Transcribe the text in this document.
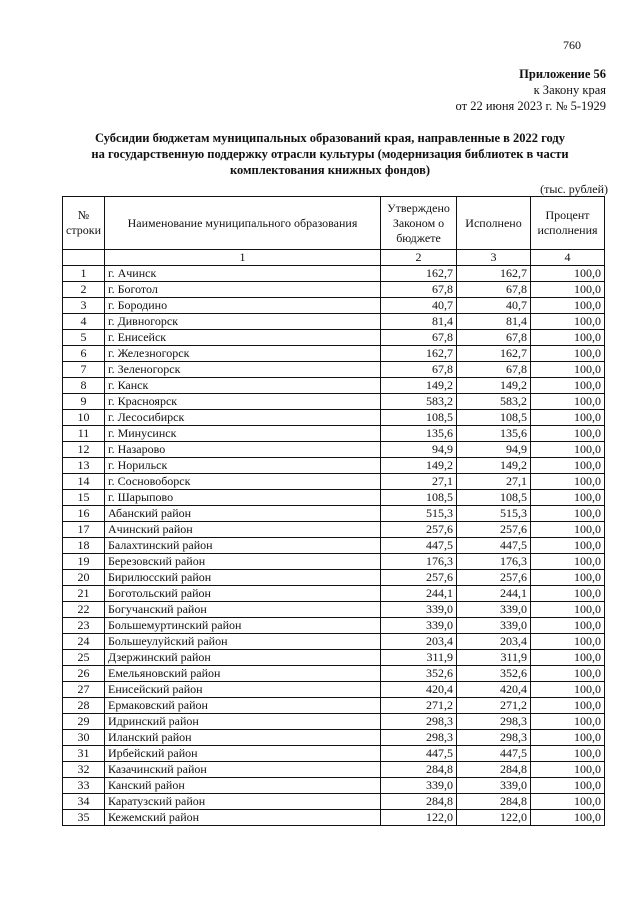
760
Приложение 56
к Закону края
от 22 июня 2023 г. № 5-1929
Субсидии бюджетам муниципальных образований края, направленные в 2022 году
на государственную поддержку отрасли культуры (модернизация библиотек в части
комплектования книжных фондов)
(тыс. рублей)
№ строки	Наименование муниципального образования	Утверждено Законом о бюджете	Исполнено	Процент исполнения
	1	2	3	4
1	г. Ачинск	162,7	162,7	100,0
2	г. Боготол	67,8	67,8	100,0
3	г. Бородино	40,7	40,7	100,0
4	г. Дивногорск	81,4	81,4	100,0
5	г. Енисейск	67,8	67,8	100,0
6	г. Железногорск	162,7	162,7	100,0
7	г. Зеленогорск	67,8	67,8	100,0
8	г. Канск	149,2	149,2	100,0
9	г. Красноярск	583,2	583,2	100,0
10	г. Лесосибирск	108,5	108,5	100,0
11	г. Минусинск	135,6	135,6	100,0
12	г. Назарово	94,9	94,9	100,0
13	г. Норильск	149,2	149,2	100,0
14	г. Сосновоборск	27,1	27,1	100,0
15	г. Шарыпово	108,5	108,5	100,0
16	Абанский район	515,3	515,3	100,0
17	Ачинский район	257,6	257,6	100,0
18	Балахтинский район	447,5	447,5	100,0
19	Березовский район	176,3	176,3	100,0
20	Бирилюсский район	257,6	257,6	100,0
21	Боготольский район	244,1	244,1	100,0
22	Богучанский район	339,0	339,0	100,0
23	Большемуртинский район	339,0	339,0	100,0
24	Большеулуйский район	203,4	203,4	100,0
25	Дзержинский район	311,9	311,9	100,0
26	Емельяновский район	352,6	352,6	100,0
27	Енисейский район	420,4	420,4	100,0
28	Ермаковский район	271,2	271,2	100,0
29	Идринский район	298,3	298,3	100,0
30	Иланский район	298,3	298,3	100,0
31	Ирбейский район	447,5	447,5	100,0
32	Казачинский район	284,8	284,8	100,0
33	Канский район	339,0	339,0	100,0
34	Каратузский район	284,8	284,8	100,0
35	Кежемский район	122,0	122,0	100,0
